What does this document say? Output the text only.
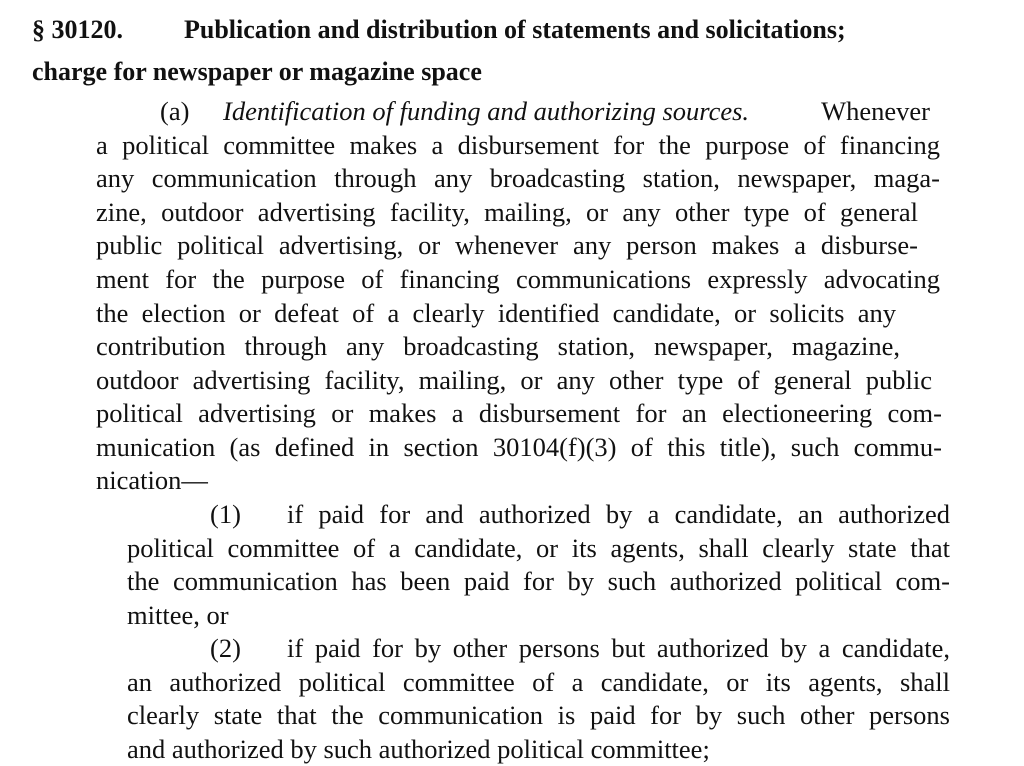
§ 30120. Publication and distribution of statements and solicitations;
charge for newspaper or magazine space
(a) Identification of funding and authorizing sources.	Whenever
a political committee makes a disbursement for the purpose of financing
any communication through any broadcasting station, newspaper, maga-
zine, outdoor advertising facility, mailing, or any other type of general
public political advertising, or whenever any person makes a disburse-
ment for the purpose of financing communications expressly advocating
the election or defeat of a clearly identified candidate, or solicits any
contribution through any broadcasting station, newspaper, magazine,
outdoor advertising facility, mailing, or any other type of general public
political advertising or makes a disbursement for an electioneering com-
munication (as defined in section 30104(f)(3) of this title), such commu-
nication—
(1) if paid for and authorized by a candidate, an authorized
political committee of a candidate, or its agents, shall clearly state that
the communication has been paid for by such authorized political com-
mittee, or
(2) if paid for by other persons but authorized by a candidate,
an authorized political committee of a candidate, or its agents, shall
clearly state that the communication is paid for by such other persons
and authorized by such authorized political committee;
